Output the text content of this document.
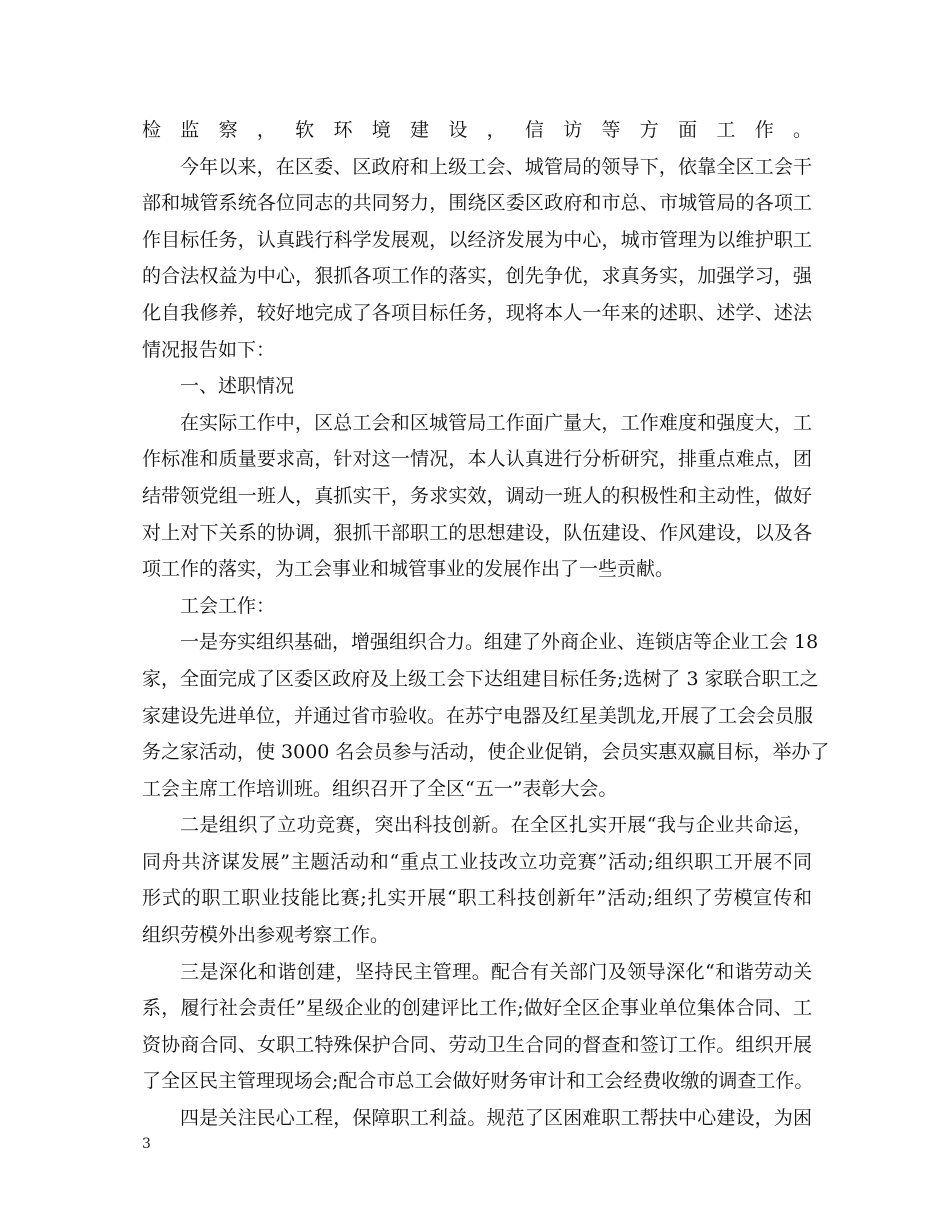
检监察，软环境建设，信访等方面工作。
今年以来，在区委、区政府和上级工会、城管局的领导下，依靠全区工会干
部和城管系统各位同志的共同努力，围绕区委区政府和市总、市城管局的各项工
作目标任务，认真践行科学发展观，以经济发展为中心，城市管理为以维护职工
的合法权益为中心，狠抓各项工作的落实，创先争优，求真务实，加强学习，强
化自我修养，较好地完成了各项目标任务，现将本人一年来的述职、述学、述法
情况报告如下：
一、述职情况
在实际工作中，区总工会和区城管局工作面广量大，工作难度和强度大，工
作标准和质量要求高，针对这一情况，本人认真进行分析研究，排重点难点，团
结带领党组一班人，真抓实干，务求实效，调动一班人的积极性和主动性，做好
对上对下关系的协调，狠抓干部职工的思想建设，队伍建设、作风建设，以及各
项工作的落实，为工会事业和城管事业的发展作出了一些贡献。
工会工作：
一是夯实组织基础，增强组织合力。组建了外商企业、连锁店等企业工会 18
家，全面完成了区委区政府及上级工会下达组建目标任务;选树了 3 家联合职工之
家建设先进单位，并通过省市验收。在苏宁电器及红星美凯龙,开展了工会会员服
务之家活动，使 3000 名会员参与活动，使企业促销，会员实惠双赢目标，举办了
工会主席工作培训班。组织召开了全区“五一”表彰大会。
二是组织了立功竞赛，突出科技创新。在全区扎实开展“我与企业共命运，
同舟共济谋发展”主题活动和“重点工业技改立功竞赛”活动;组织职工开展不同
形式的职工职业技能比赛;扎实开展“职工科技创新年”活动;组织了劳模宣传和
组织劳模外出参观考察工作。
三是深化和谐创建，坚持民主管理。配合有关部门及领导深化“和谐劳动关
系，履行社会责任”星级企业的创建评比工作;做好全区企事业单位集体合同、工
资协商合同、女职工特殊保护合同、劳动卫生合同的督查和签订工作。组织开展
了全区民主管理现场会;配合市总工会做好财务审计和工会经费收缴的调查工作。
四是关注民心工程，保障职工利益。规范了区困难职工帮扶中心建设，为困
3
